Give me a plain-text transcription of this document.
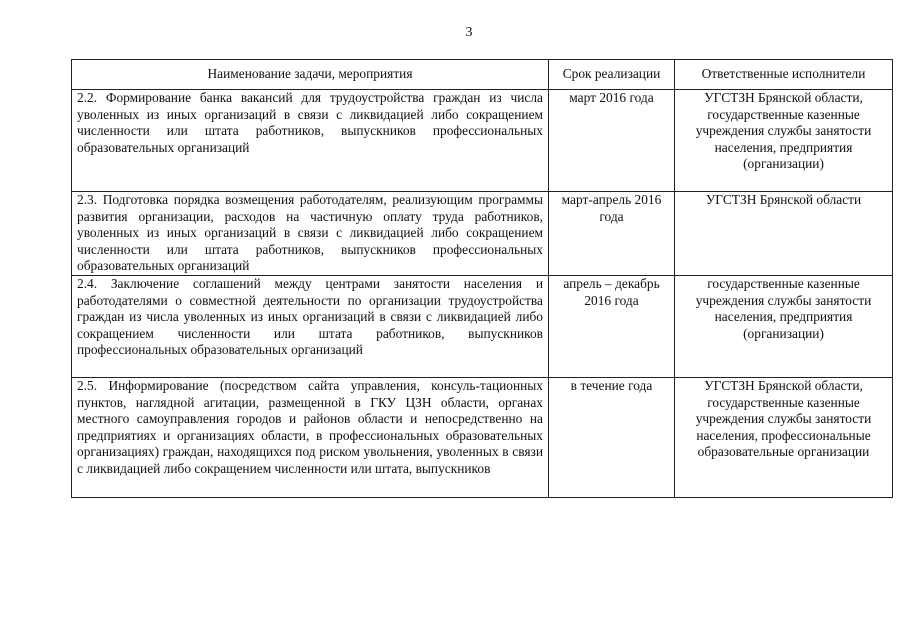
3
Наименование задачи, мероприятия	Срок реализации	Ответственные исполнители
2.2. Формирование банка вакансий для трудоустройства граждан из числа уволенных из иных организаций в связи с ликвидацией либо сокращением численности или штата работников, выпускников профессиональных образовательных организаций	март 2016 года	УГСТЗН Брянской области, государственные казенные учреждения службы занятости населения, предприятия (организации)
2.3. Подготовка порядка возмещения работодателям, реализующим программы развития организации, расходов на частичную оплату труда работников, уволенных из иных организаций в связи с ликвидацией либо сокращением численности или штата работников, выпускников профессиональных образовательных организаций	март-апрель 2016 года	УГСТЗН Брянской области
2.4. Заключение соглашений между центрами занятости населения и работодателями о совместной деятельности по организации трудоустройства граждан из числа уволенных из иных организаций в связи с ликвидацией либо сокращением численности или штата работников, выпускников профессиональных образовательных организаций	апрель – декабрь 2016 года	государственные казенные учреждения службы занятости населения, предприятия (организации)
2.5. Информирование (посредством сайта управления, консуль-тационных пунктов, наглядной агитации, размещенной в ГКУ ЦЗН области, органах местного самоуправления городов и районов области и непосредственно на предприятиях и организациях области, в профессиональных образовательных организациях) граждан, находящихся под риском увольнения, уволенных в связи с ликвидацией либо сокращением численности или штата, выпускников	в течение года	УГСТЗН Брянской области, государственные казенные учреждения службы занятости населения, профессиональные образовательные организации
